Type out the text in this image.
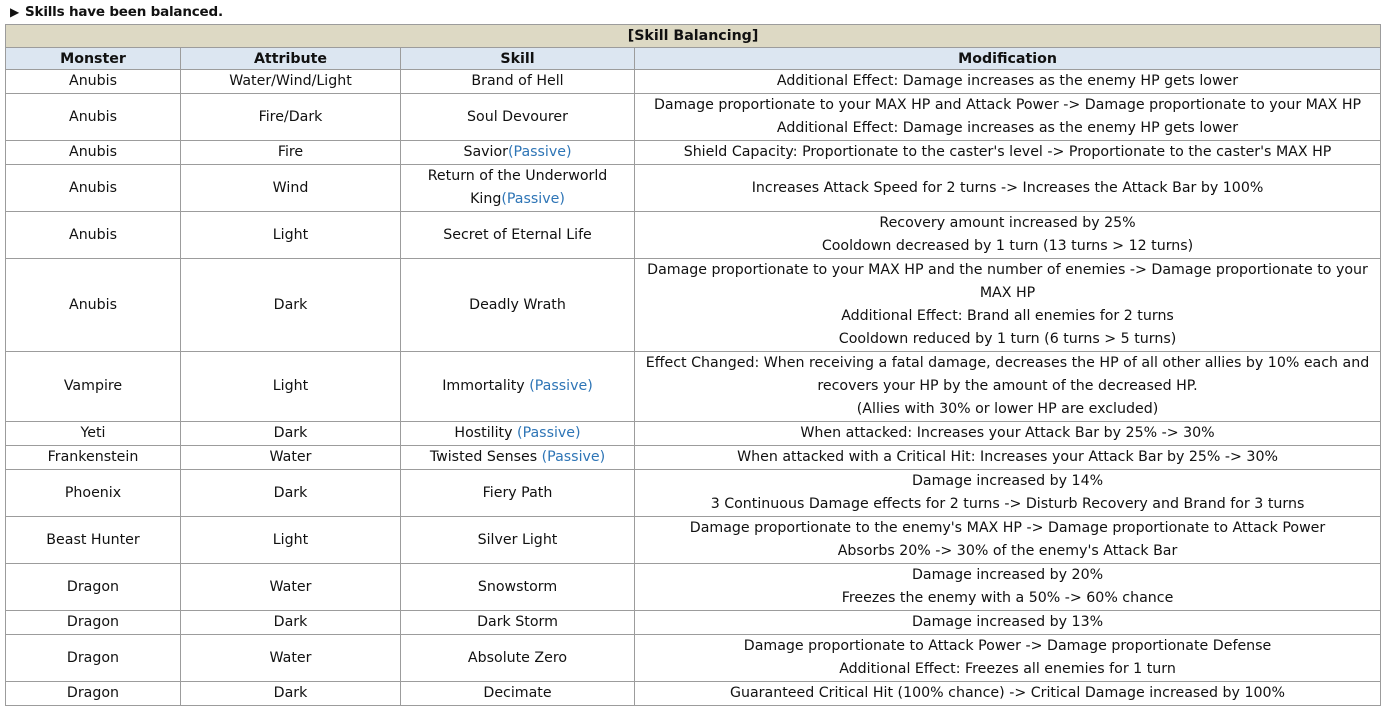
▶ Skills have been balanced.
[Skill Balancing]			
Monster	Attribute	Skill	Modification
Anubis	Water/Wind/Light	Brand of Hell	Additional Effect: Damage increases as the enemy HP gets lower

Anubis	Fire/Dark	Soul Devourer	Damage proportionate to your MAX HP and Attack Power -> Damage proportionate to your MAX HP
Additional Effect: Damage increases as the enemy HP gets lower

Anubis	Fire	Savior(Passive)	Shield Capacity: Proportionate to the caster's level -> Proportionate to the caster's MAX HP

Anubis	Wind	Return of the Underworld King(Passive)	Increases Attack Speed for 2 turns -> Increases the Attack Bar by 100%

Anubis	Light	Secret of Eternal Life	Recovery amount increased by 25%
Cooldown decreased by 1 turn (13 turns > 12 turns)

Anubis	Dark	Deadly Wrath	Damage proportionate to your MAX HP and the number of enemies -> Damage proportionate to your MAX HP
Additional Effect: Brand all enemies for 2 turns
Cooldown reduced by 1 turn (6 turns > 5 turns)

Vampire	Light	Immortality (Passive)	Effect Changed: When receiving a fatal damage, decreases the HP of all other allies by 10% each and recovers your HP by the amount of the decreased HP.
(Allies with 30% or lower HP are excluded)

Yeti	Dark	Hostility (Passive)	When attacked: Increases your Attack Bar by 25% -> 30%

Frankenstein	Water	Twisted Senses (Passive)	When attacked with a Critical Hit: Increases your Attack Bar by 25% -> 30%

Phoenix	Dark	Fiery Path	Damage increased by 14%
3 Continuous Damage effects for 2 turns -> Disturb Recovery and Brand for 3 turns

Beast Hunter	Light	Silver Light	Damage proportionate to the enemy's MAX HP -> Damage proportionate to Attack Power
Absorbs 20% -> 30% of the enemy's Attack Bar

Dragon	Water	Snowstorm	Damage increased by 20%
Freezes the enemy with a 50% -> 60% chance

Dragon	Dark	Dark Storm	Damage increased by 13%

Dragon	Water	Absolute Zero	Damage proportionate to Attack Power -> Damage proportionate Defense
Additional Effect: Freezes all enemies for 1 turn

Dragon	Dark	Decimate	Guaranteed Critical Hit (100% chance) -> Critical Damage increased by 100%
